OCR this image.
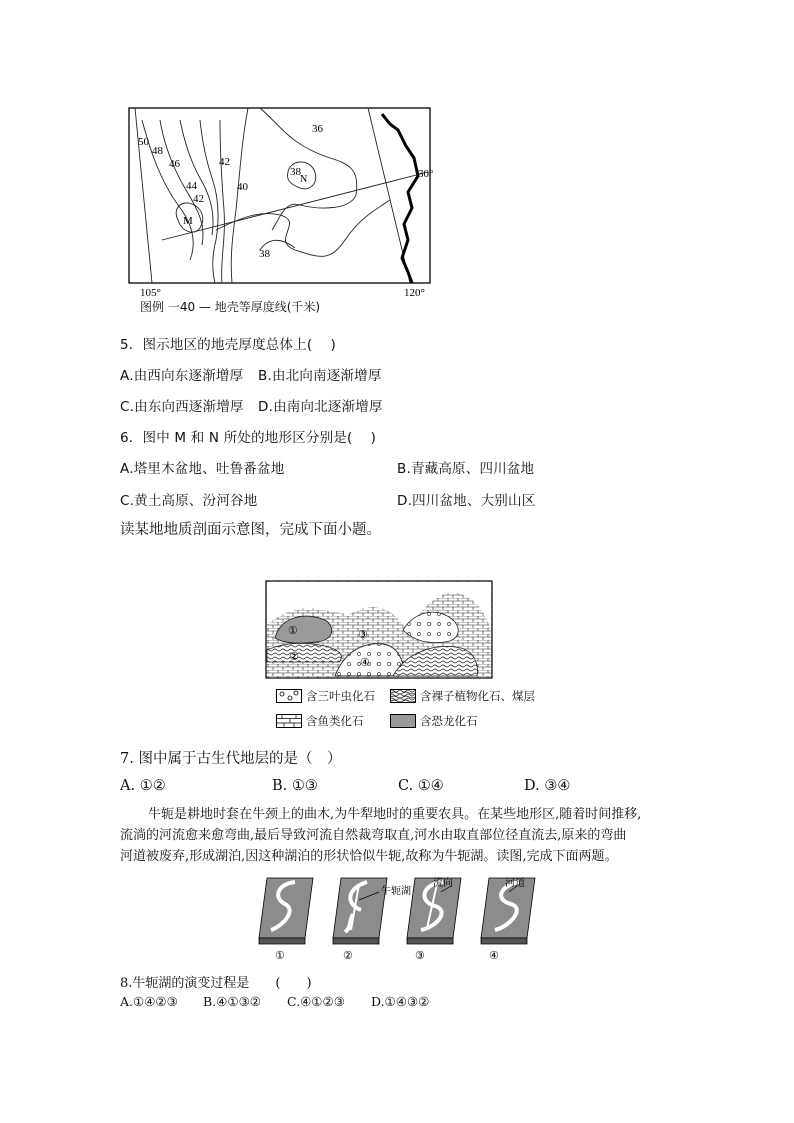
50
48
46
44
42
42
40
36
38
38
M
N	30°
105°	120°
图例 一40 — 地壳等厚度线(千米)
5．图示地区的地壳厚度总体上(　 )
A.由西向东逐渐增厚 B.由北向南逐渐增厚
C.由东向西逐渐增厚 D.由南向北逐渐增厚
6．图中 M 和 N 所处的地形区分别是(　 )
A.塔里木盆地、吐鲁番盆地	B.青藏高原、四川盆地
C.黄土高原、汾河谷地	D.四川盆地、大别山区
读某地地质剖面示意图，完成下面小题。
①
②
③
④
含三叶虫化石	含裸子植物化石、煤层
含鱼类化石	含恐龙化石
7. 图中属于古生代地层的是（　）
A. ①②	B. ①③	C. ①④	D. ③④
牛轭是耕地时套在牛颈上的曲木,为牛犁地时的重要农具。在某些地形区,随着时间推移,
流淌的河流愈来愈弯曲,最后导致河流自然裁弯取直,河水由取直部位径直流去,原来的弯曲
河道被废弃,形成湖泊,因这种湖泊的形状恰似牛轭,故称为牛轭湖。读图,完成下面两题。
牛轭湖
流向	河道
①	②	③	④
8.牛轭湖的演变过程是　　(　　)
A.①④②③ B.④①③② C.④①②③ D.①④③②
